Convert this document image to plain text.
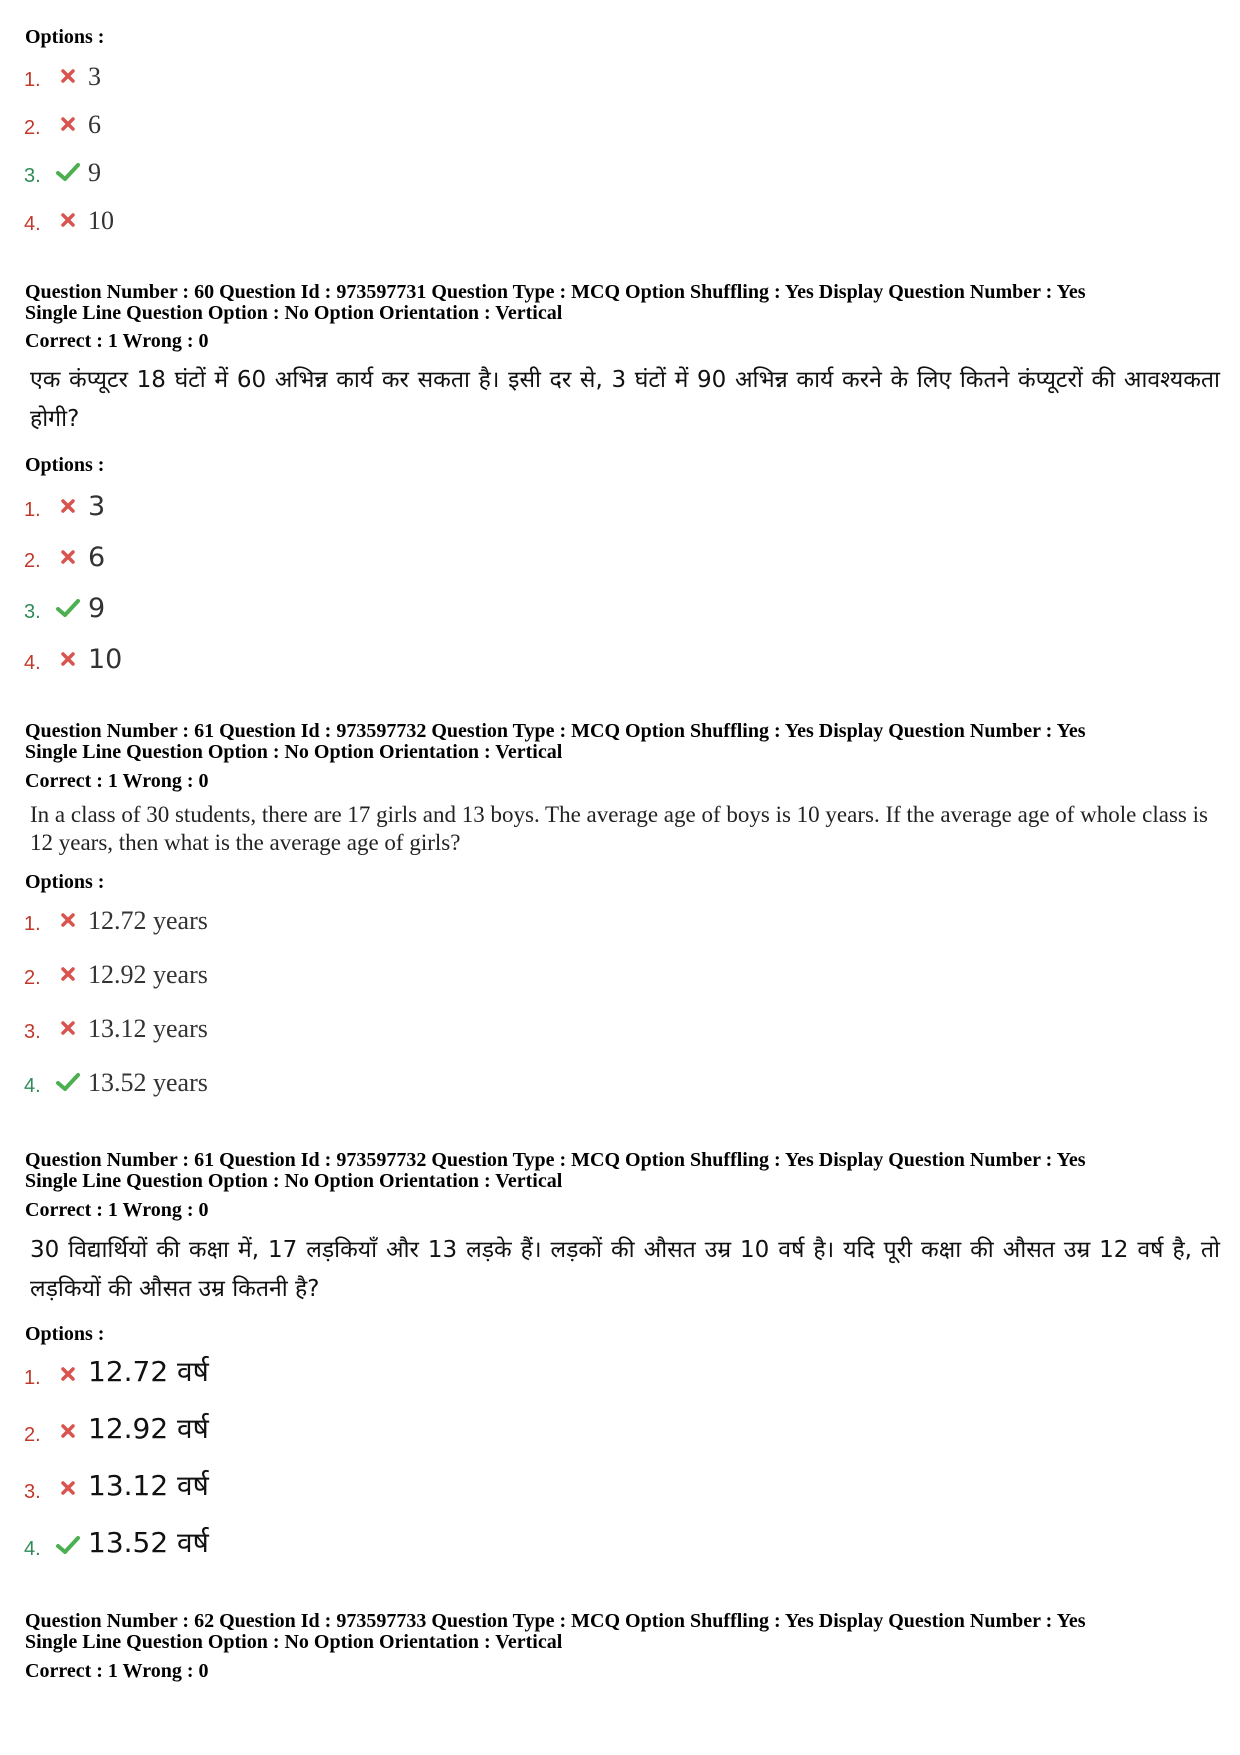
Options :
1. 3
2. 6
3. 9
4. 10
Question Number : 60 Question Id : 973597731 Question Type : MCQ Option Shuffling : Yes Display Question Number : Yes
Single Line Question Option : No Option Orientation : Vertical
Correct : 1 Wrong : 0
एक कंप्यूटर 18 घंटों में 60 अभिन्न कार्य कर सकता है। इसी दर से, 3 घंटों में 90 अभिन्न कार्य करने के लिए कितने कंप्यूटरों की आवश्यकता होगी?
Options :
1. 3
2. 6
3. 9
4. 10
Question Number : 61 Question Id : 973597732 Question Type : MCQ Option Shuffling : Yes Display Question Number : Yes
Single Line Question Option : No Option Orientation : Vertical
Correct : 1 Wrong : 0
In a class of 30 students, there are 17 girls and 13 boys. The average age of boys is 10 years. If the average age of whole class is 12 years, then what is the average age of girls?
Options :
1. 12.72 years
2. 12.92 years
3. 13.12 years
4. 13.52 years
Question Number : 61 Question Id : 973597732 Question Type : MCQ Option Shuffling : Yes Display Question Number : Yes
Single Line Question Option : No Option Orientation : Vertical
Correct : 1 Wrong : 0
30 विद्यार्थियों की कक्षा में, 17 लड़कियाँ और 13 लड़के हैं। लड़कों की औसत उम्र 10 वर्ष है। यदि पूरी कक्षा की औसत उम्र 12 वर्ष है, तो लड़कियों की औसत उम्र कितनी है?
Options :
1. 12.72 वर्ष
2. 12.92 वर्ष
3. 13.12 वर्ष
4. 13.52 वर्ष
Question Number : 62 Question Id : 973597733 Question Type : MCQ Option Shuffling : Yes Display Question Number : Yes
Single Line Question Option : No Option Orientation : Vertical
Correct : 1 Wrong : 0
